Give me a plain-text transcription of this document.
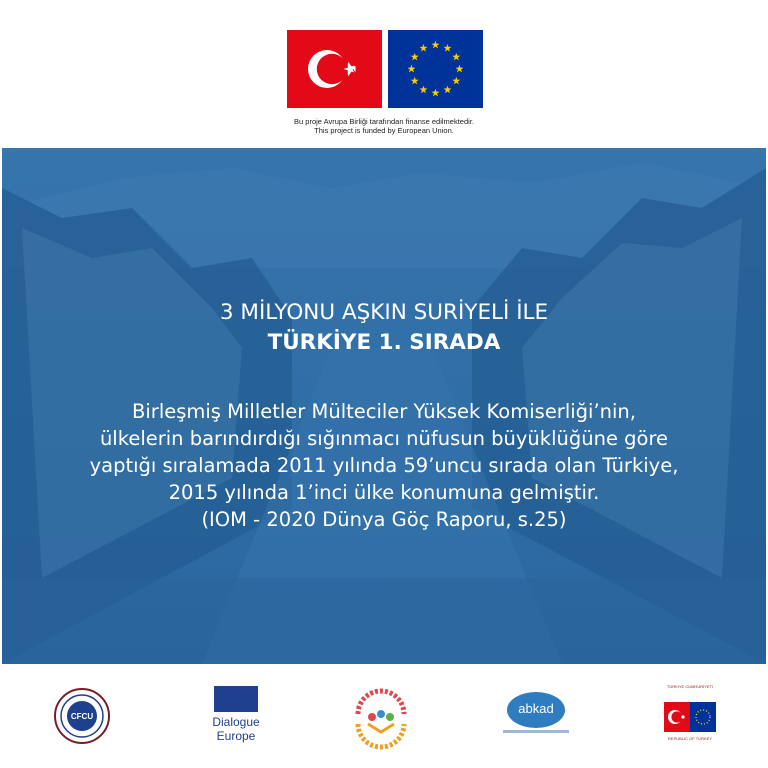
Bu proje Avrupa Birliği tarafından finanse edilmektedir.
This project is funded by European Union.
3 MİLYONU AŞKIN SURİYELİ İLE
TÜRKİYE 1. SIRADA
Birleşmiş Milletler Mülteciler Yüksek Komiserliği’nin,
ülkelerin barındırdığı sığınmacı nüfusun büyüklüğüne göre
yaptığı sıralamada 2011 yılında 59’uncu sırada olan Türkiye,
2015 yılında 1’inci ülke konumuna gelmiştir.
(IOM - 2020 Dünya Göç Raporu, s.25)
CFCU	Dialogue
Europe
abkad
TÜRKİYE CUMHURİYETİ
REPUBLIC OF TURKEY
